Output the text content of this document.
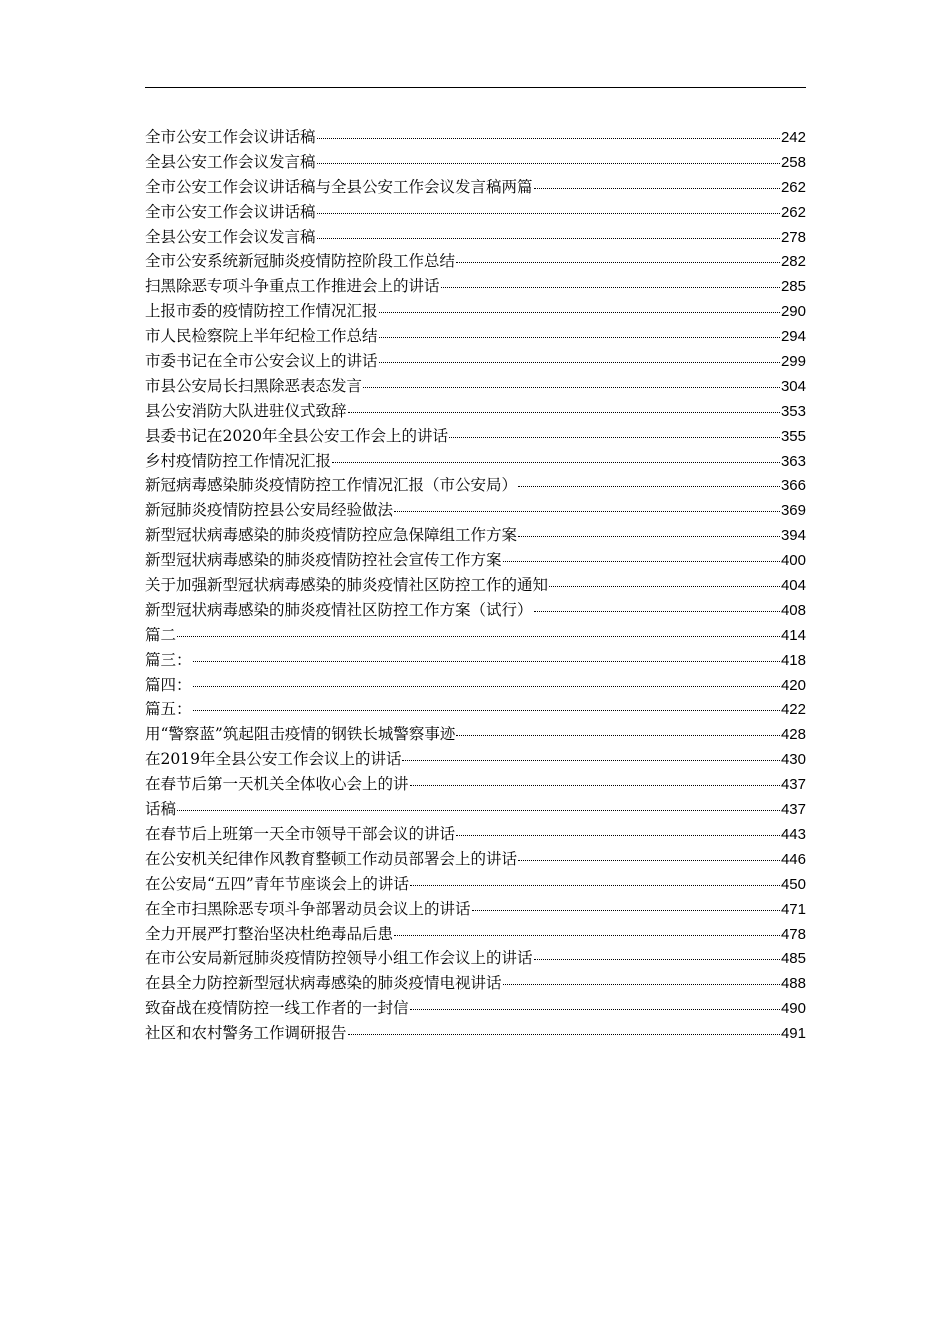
全市公安工作会议讲话稿	242
全县公安工作会议发言稿	258
全市公安工作会议讲话稿与全县公安工作会议发言稿两篇	262
全市公安工作会议讲话稿	262
全县公安工作会议发言稿	278
全市公安系统新冠肺炎疫情防控阶段工作总结	282
扫黑除恶专项斗争重点工作推进会上的讲话	285
上报市委的疫情防控工作情况汇报	290
市人民检察院上半年纪检工作总结	294
市委书记在全市公安会议上的讲话	299
市县公安局长扫黑除恶表态发言	304
县公安消防大队进驻仪式致辞	353
县委书记在2020年全县公安工作会上的讲话	355
乡村疫情防控工作情况汇报	363
新冠病毒感染肺炎疫情防控工作情况汇报（市公安局）	366
新冠肺炎疫情防控县公安局经验做法	369
新型冠状病毒感染的肺炎疫情防控应急保障组工作方案	394
新型冠状病毒感染的肺炎疫情防控社会宣传工作方案	400
关于加强新型冠状病毒感染的肺炎疫情社区防控工作的通知	404
新型冠状病毒感染的肺炎疫情社区防控工作方案（试行）	408
篇二	414
篇三：	418
篇四：	420
篇五：	422
用“警察蓝”筑起阻击疫情的钢铁长城警察事迹	428
在2019年全县公安工作会议上的讲话	430
在春节后第一天机关全体收心会上的讲	437
话稿	437
在春节后上班第一天全市领导干部会议的讲话	443
在公安机关纪律作风教育整顿工作动员部署会上的讲话	446
在公安局“五四”青年节座谈会上的讲话	450
在全市扫黑除恶专项斗争部署动员会议上的讲话	471
全力开展严打整治坚决杜绝毒品后患	478
在市公安局新冠肺炎疫情防控领导小组工作会议上的讲话	485
在县全力防控新型冠状病毒感染的肺炎疫情电视讲话	488
致奋战在疫情防控一线工作者的一封信	490
社区和农村警务工作调研报告	491
